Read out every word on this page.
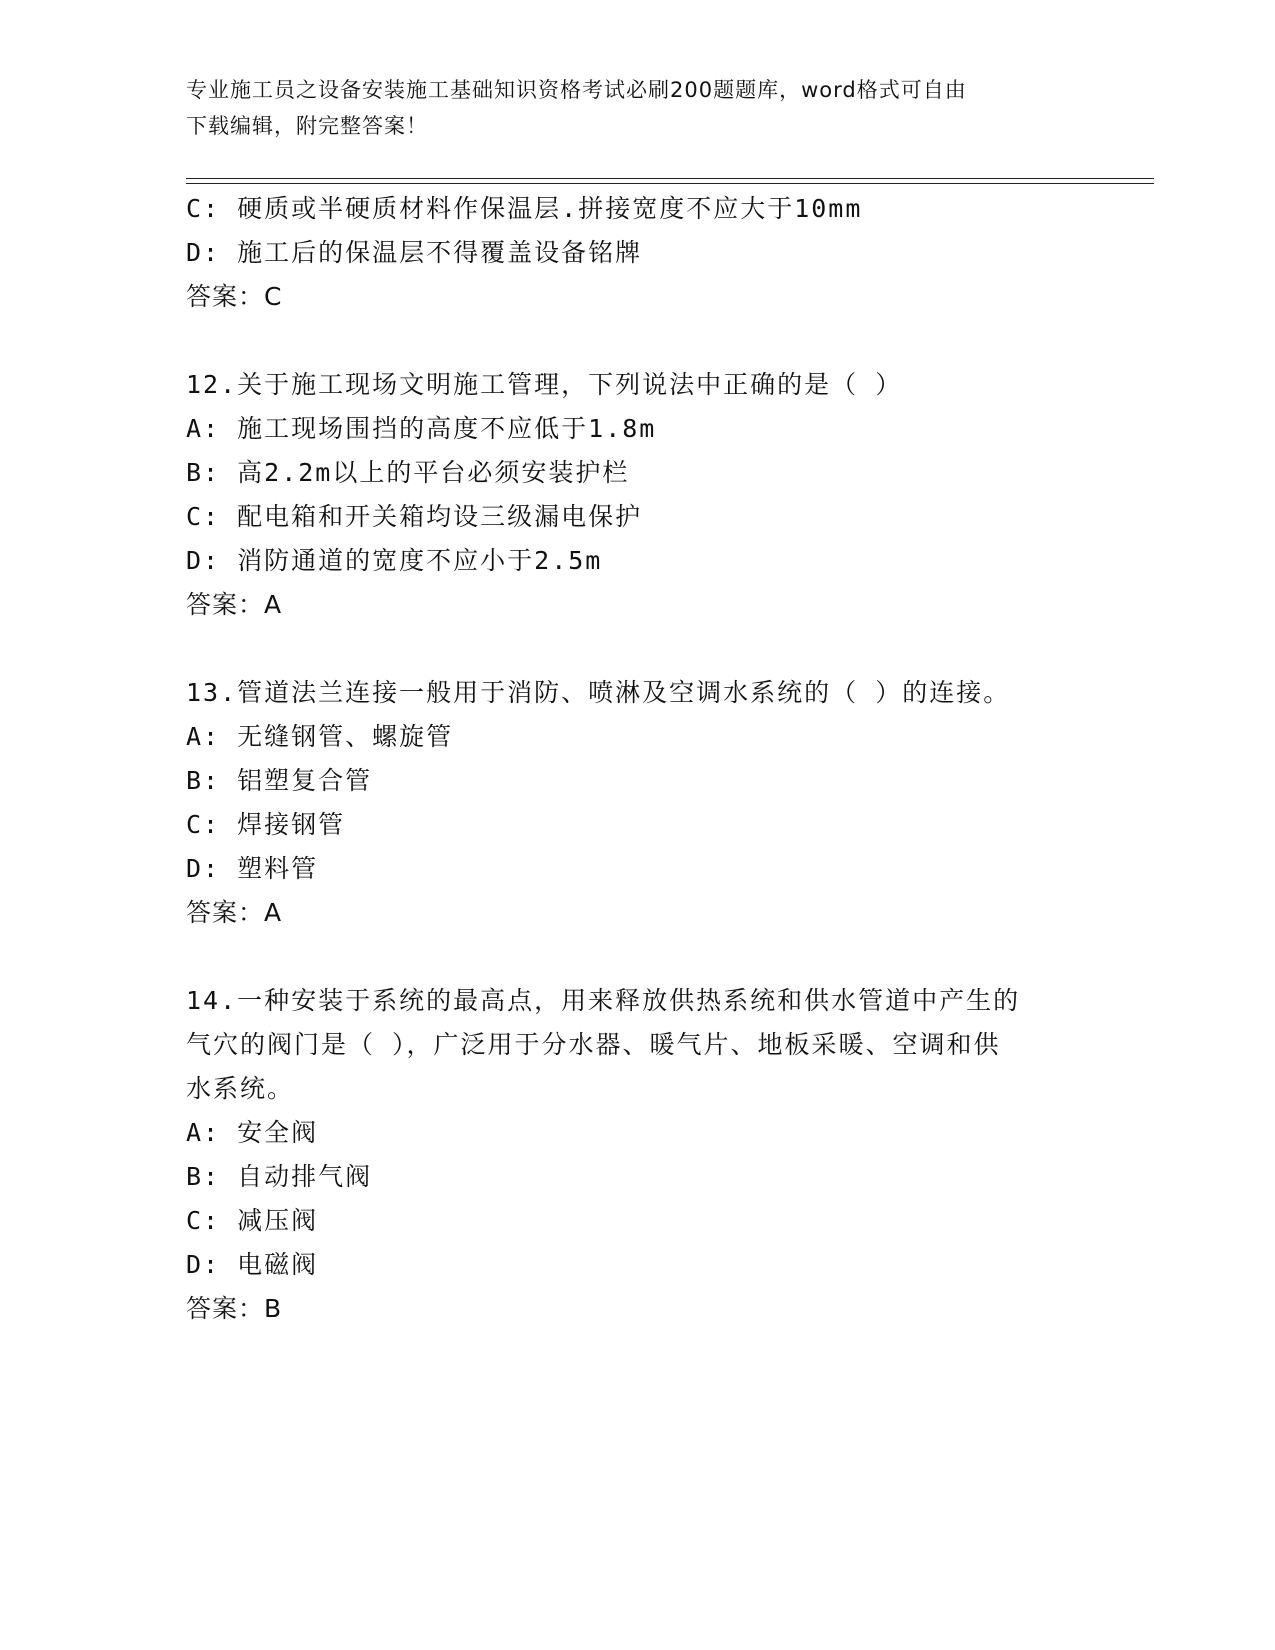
专业施工员之设备安装施工基础知识资格考试必刷200题题库，word格式可自由
下载编辑，附完整答案！
C: 硬质或半硬质材料作保温层.拼接宽度不应大于10mm
D: 施工后的保温层不得覆盖设备铭牌
答案：C
12.关于施工现场文明施工管理，下列说法中正确的是（ ）
A: 施工现场围挡的高度不应低于1.8m
B: 高2.2m以上的平台必须安装护栏
C: 配电箱和开关箱均设三级漏电保护
D: 消防通道的宽度不应小于2.5m
答案：A
13.管道法兰连接一般用于消防、喷淋及空调水系统的（ ）的连接。
A: 无缝钢管、螺旋管
B: 铝塑复合管
C: 焊接钢管
D: 塑料管
答案：A
14.一种安装于系统的最高点，用来释放供热系统和供水管道中产生的
气穴的阀门是（ ），广泛用于分水器、暖气片、地板采暖、空调和供
水系统。
A: 安全阀
B: 自动排气阀
C: 减压阀
D: 电磁阀
答案：B
